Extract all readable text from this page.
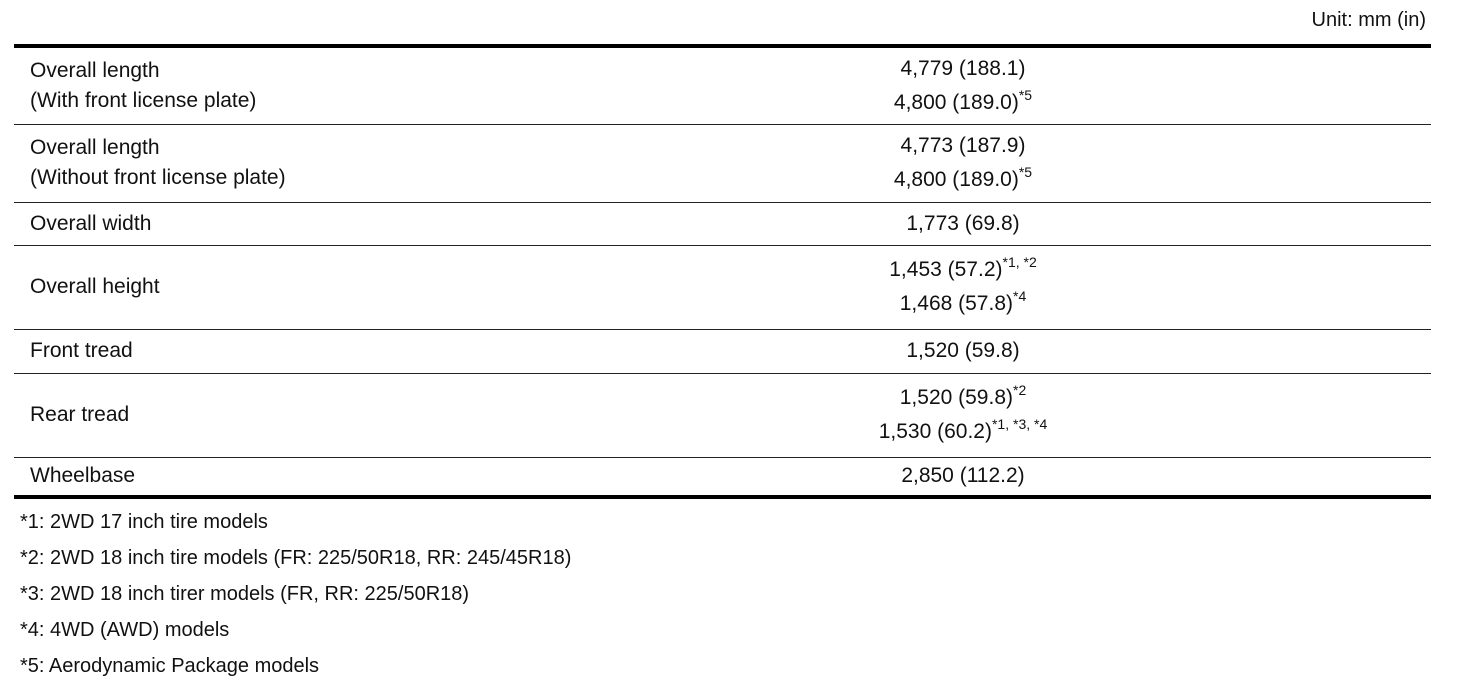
Unit: mm (in)
Overall length
(With front license plate)	4,779 (188.1)
4,800 $(189.0)^{*5}$

Overall length
(Without front license plate)	4,773 (187.9)
4,800 $(189.0)^{*5}$

Overall width	1,773 (69.8)

Overall height	1,453 $(57.2)^{*1, *2}$
1,468 $(57.8)^{*4}$

Front tread	1,520 (59.8)

Rear tread	1,520 $(59.8)^{*2}$
1,530 $(60.2)^{*1, *3, *4}$

Wheelbase	2,850 (112.2)
*1: 2WD 17 inch tire models
*2: 2WD 18 inch tire models (FR: 225/50R18, RR: 245/45R18)
*3: 2WD 18 inch tirer models (FR, RR: 225/50R18)
*4: 4WD (AWD) models
*5: Aerodynamic Package models
